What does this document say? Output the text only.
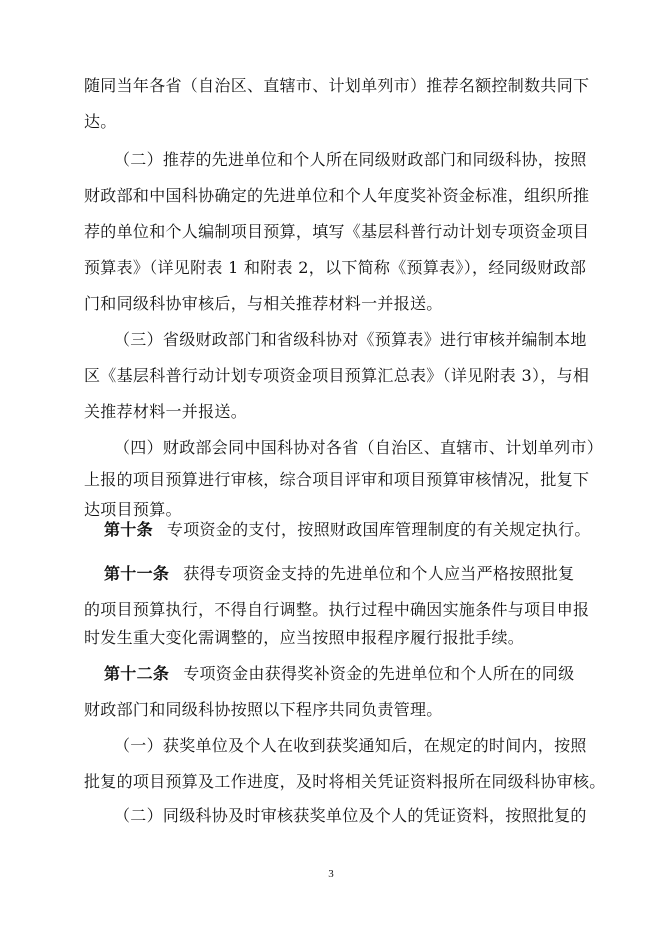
随同当年各省（自治区、直辖市、计划单列市）推荐名额控制数共同下
达。
（二）推荐的先进单位和个人所在同级财政部门和同级科协，按照
财政部和中国科协确定的先进单位和个人年度奖补资金标准，组织所推
荐的单位和个人编制项目预算，填写《基层科普行动计划专项资金项目
预算表》（详见附表 1 和附表 2，以下简称《预算表》），经同级财政部
门和同级科协审核后，与相关推荐材料一并报送。
（三）省级财政部门和省级科协对《预算表》进行审核并编制本地
区《基层科普行动计划专项资金项目预算汇总表》（详见附表 3），与相
关推荐材料一并报送。
（四）财政部会同中国科协对各省（自治区、直辖市、计划单列市）
上报的项目预算进行审核，综合项目评审和项目预算审核情况，批复下
达项目预算。
第十条 专项资金的支付，按照财政国库管理制度的有关规定执行。
第十一条 获得专项资金支持的先进单位和个人应当严格按照批复
的项目预算执行，不得自行调整。执行过程中确因实施条件与项目申报
时发生重大变化需调整的，应当按照申报程序履行报批手续。
第十二条 专项资金由获得奖补资金的先进单位和个人所在的同级
财政部门和同级科协按照以下程序共同负责管理。
（一）获奖单位及个人在收到获奖通知后，在规定的时间内，按照
批复的项目预算及工作进度，及时将相关凭证资料报所在同级科协审核。
（二）同级科协及时审核获奖单位及个人的凭证资料，按照批复的
3
